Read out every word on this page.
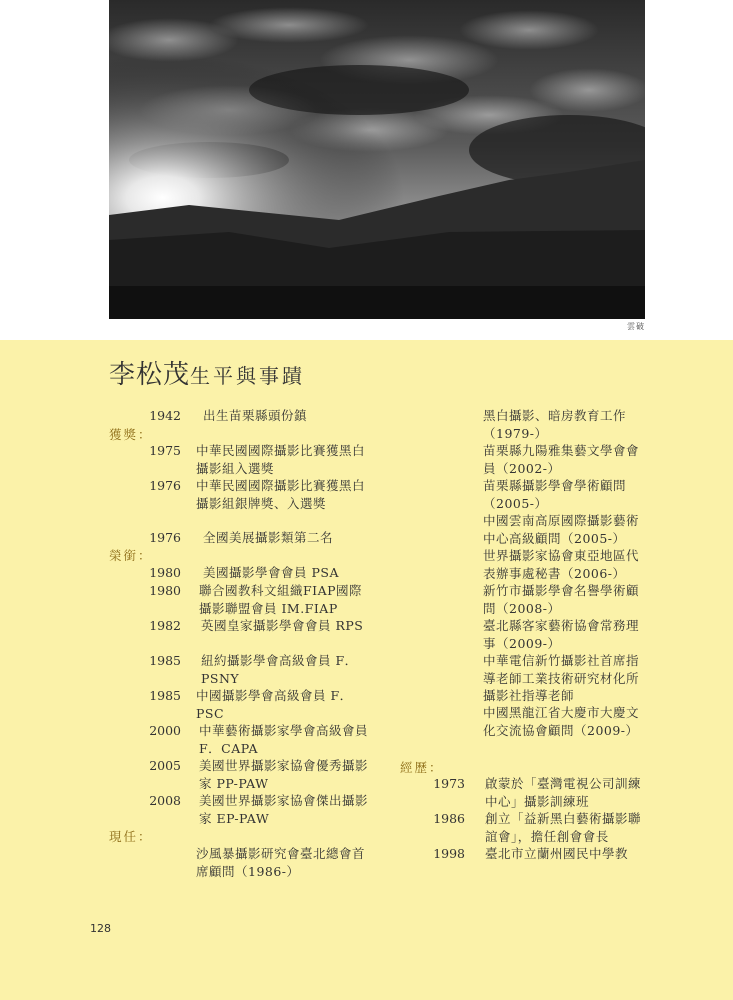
雲破
李松茂生平與事蹟
1942 出生苗栗縣頭份鎮
獲獎：
1975 中華民國國際攝影比賽獲黑白攝影組入選獎
1976 中華民國國際攝影比賽獲黑白攝影組銀牌獎、入選獎
1976 全國美展攝影類第二名
榮銜：
1980 美國攝影學會會員 PSA
1980 聯合國教科文組織FIAP國際攝影聯盟會員 IM.FIAP
1982 英國皇家攝影學會會員 RPS
1985 紐約攝影學會高級會員 F．PSNY
1985 中國攝影學會高級會員 F．PSC
2000 中華藝術攝影家學會高級會員 F．CAPA
2005 美國世界攝影家協會優秀攝影家 PP-PAW
2008 美國世界攝影家協會傑出攝影家 EP-PAW
現任：
沙風暴攝影研究會臺北總會首席顧問（1986-）
黑白攝影、暗房教育工作（1979-）
苗栗縣九陽雅集藝文學會會員（2002-）
苗栗縣攝影學會學術顧問（2005-）
中國雲南高原國際攝影藝術中心高級顧問（2005-）
世界攝影家協會東亞地區代表辦事處秘書（2006-）
新竹市攝影學會名譽學術顧問（2008-）
臺北縣客家藝術協會常務理事（2009-）
中華電信新竹攝影社首席指導老師工業技術研究材化所攝影社指導老師
中國黑龍江省大慶市大慶文化交流協會顧問（2009-）
經歷：
1973 啟蒙於「臺灣電視公司訓練中心」攝影訓練班
1986 創立「益新黑白藝術攝影聯誼會」，擔任創會會長
1998 臺北市立蘭州國民中學教
128
